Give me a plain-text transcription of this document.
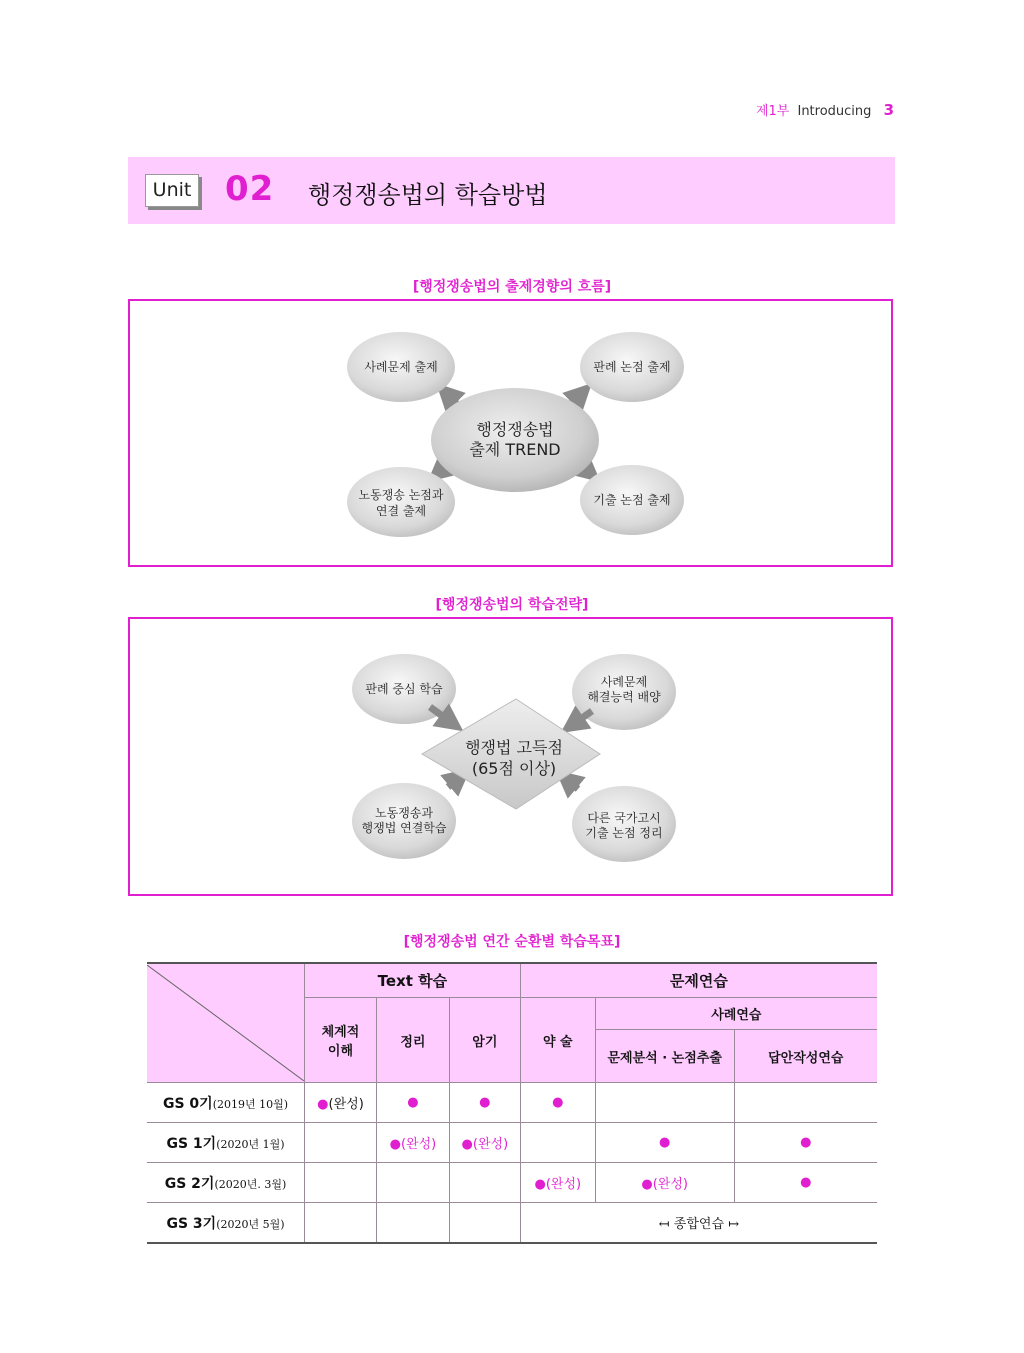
제1부 Introducing 3
Unit 02 행정쟁송법의 학습방법
[행정쟁송법의 출제경향의 흐름]
사례문제 출제	판례 논점 출제
노동쟁송 논점과
연결 출제
기출 논점 출제
행정쟁송법
출제 TREND
[행정쟁송법의 학습전략]
판례 중심 학습	사례문제
해결능력 배양
노동쟁송과
행쟁법 연결학습
다른 국가고시
기출 논점 정리
행쟁법 고득점
(65점 이상)
[행정쟁송법 연간 순환별 학습목표]
	Text 학습			문제연습		
	체계적
이해	정리	암기	약 술	사례연습	
					문제분석 · 논점추출	답안작성연습
GS 0기(2019년 10월)	●(완성)	●	●	●		
GS 1기(2020년 1월)		●(완성)	●(완성)		●	●
GS 2기(2020년. 3월)				●(완성)	●(완성)	●
GS 3기(2020년 5월)				↤ 종합연습 ↦		
